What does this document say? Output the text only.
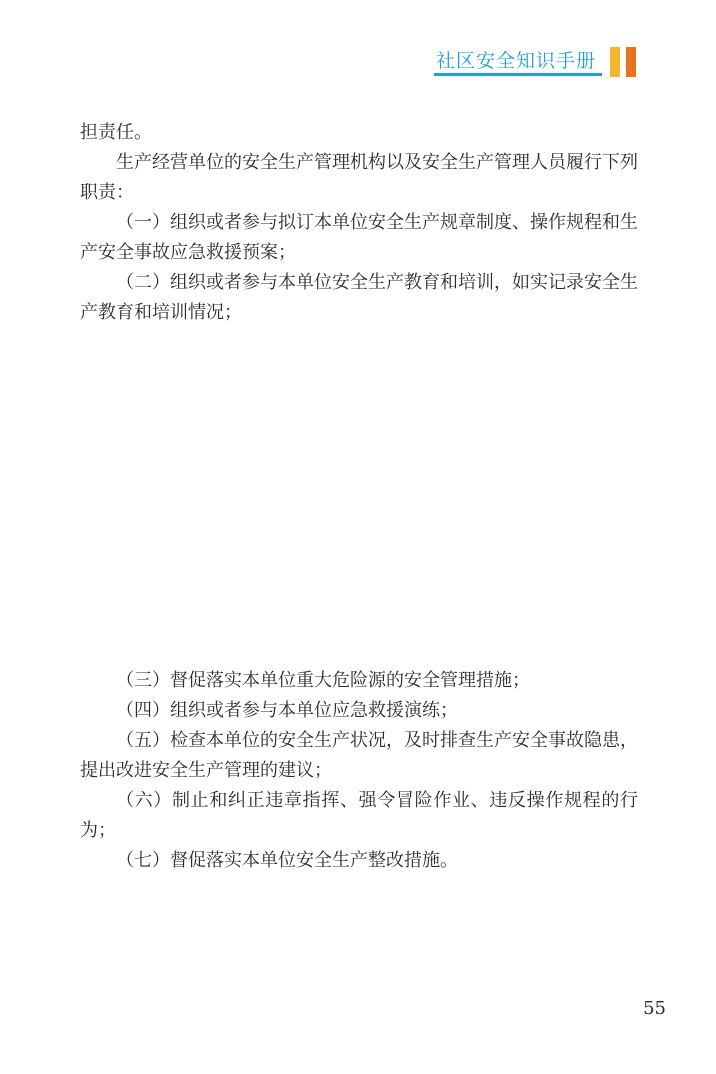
社区安全知识手册

担责任。

生产经营单位的安全生产管理机构以及安全生产管理人员履行下列职责：

（一）组织或者参与拟订本单位安全生产规章制度、操作规程和生产安全事故应急救援预案；

（二）组织或者参与本单位安全生产教育和培训，如实记录安全生产教育和培训情况；

（三）督促落实本单位重大危险源的安全管理措施；

（四）组织或者参与本单位应急救援演练；

（五）检查本单位的安全生产状况，及时排查生产安全事故隐患，提出改进安全生产管理的建议；

（六）制止和纠正违章指挥、强令冒险作业、违反操作规程的行为；

（七）督促落实本单位安全生产整改措施。

55
